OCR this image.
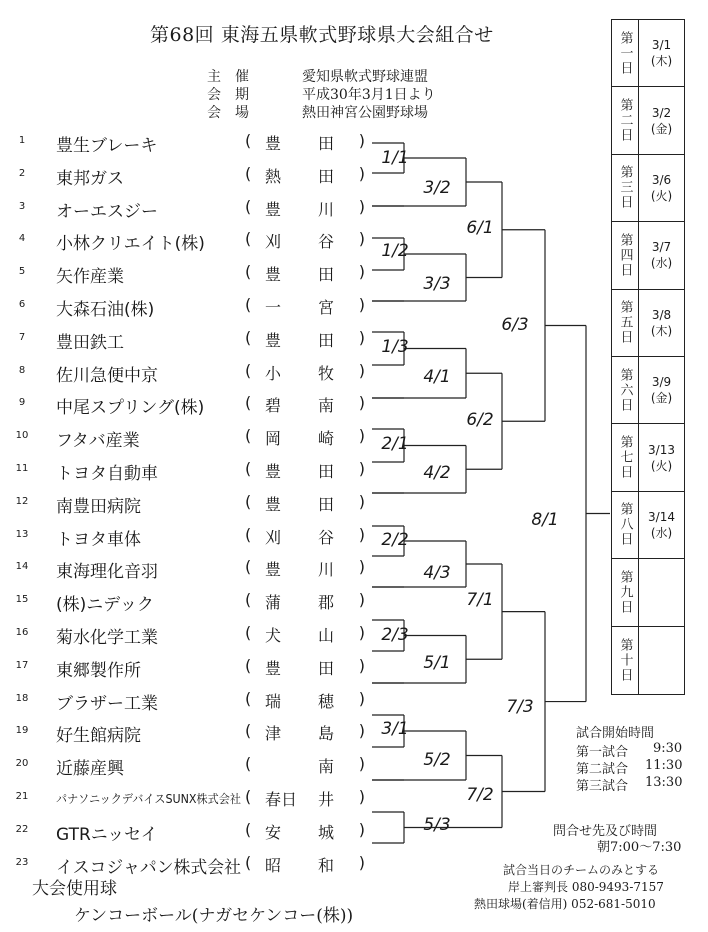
第68回 東海五県軟式野球県大会組合せ
主催	愛知県軟式野球連盟
会期	平成30年3月1日より
会場	熱田神宮公園野球場
1	豊生ブレーキ	( 豊 田 )
2	東邦ガス	( 熱 田 )
3	オーエスジー	( 豊 川 )
4	小林クリエイト(株)	( 刈 谷 )
5	矢作産業	( 豊 田 )
6	大森石油(株)	( 一 宮 )
7	豊田鉄工	( 豊 田 )
8	佐川急便中京	( 小 牧 )
9	中尾スプリング(株)	( 碧 南 )
10 フタバ産業	( 岡 崎 )
11 トヨタ自動車	( 豊 田 )
12 南豊田病院	( 豊 田 )
13 トヨタ車体	( 刈 谷 )
14 東海理化音羽	( 豊 川 )
15 (株)ニデック	( 蒲 郡 )
16 菊水化学工業	( 犬 山 )
17 東郷製作所	( 豊 田 )
18 ブラザー工業	( 瑞 穂 )
19 好生館病院	( 津 島 )
20 近藤産興	(	南 )
21	パナソニックデバイスSUNX株式会社 ( 春日 井 )
22 GTRニッセイ	( 安 城 )
23 イスコジャパン株式会社 ( 昭 和 )
1/1
3/2
6/1
1/2
3/3
6/3
1/3
4/1
6/2
2/1
4/2
8/1
2/2
4/3
7/1
2/3
5/1
7/3
3/1
5/2
7/2
5/3
第一日 3/1
(木)
第二日 3/2
(金)
第三日 3/6
(火)
第四日 3/7
(水)
第五日 3/8
(木)
第六日 3/9
(金)
第七日 3/13
(火)
第八日 3/14
(水)
第九日
第十日
試合開始時間
第一試合 9:30
第二試合 11:30
第三試合 13:30
問合せ先及び時間
朝7:00〜7:30
試合当日のチームのみとする
岸上審判長 080-9493-7157
熱田球場(着信用) 052-681-5010
大会使用球
ケンコーボール(ナガセケンコー(株))
